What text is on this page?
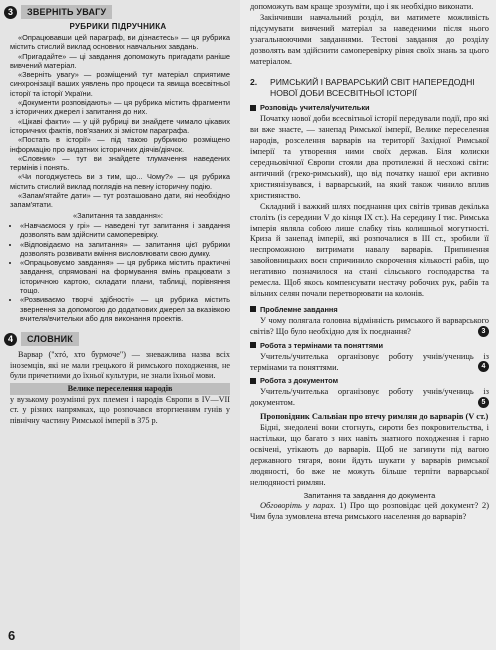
3	ЗВЕРНІТЬ УВАГУ
РУБРИКИ ПІДРУЧНИКА

«Опрацювавши цей параграф, ви дізнаєтесь» — ця рубрика містить стислий виклад основних навчальних завдань.

«Пригадайте» — ці завдання допоможуть пригадати раніше вивчений матеріал.

«Зверніть увагу» — розміщений тут матеріал сприятиме синхронізації ваших уявлень про процеси та явища всесвітньої історії та історії України.

«Документи розповідають» — ця рубрика містить фрагменти з історичних джерел і запитання до них.

«Цікаві факти» — у цій рубриці ви знайдете чимало цікавих історичних фактів, пов'язаних зі змістом параграфа.

«Постать в історії» — під такою рубрикою розміщено інформацію про видатних історичних діячів/діячок.

«Словник» — тут ви знайдете тлумачення наведених термінів і понять.

«Чи погоджуєтесь ви з тим, що... Чому?» — ця рубрика містить стислий виклад поглядів на певну історичну подію.

«Запам'ятайте дати» — тут розташовано дати, які необхідно запам'ятати.

«Запитання та завдання»:
• «Навчаємося у грі» — наведені тут запитання і завдання дозволять вам здійснити самоперевірку.
• «Відповідаємо на запитання» — запитання цієї рубрики дозволять розвивати вміння висловлювати свою думку.
• «Опрацьовуємо завдання» — ця рубрика містить практичні завдання, спрямовані на формування вмінь працювати з історичною картою, складати плани, таблиці, порівняння тощо.
• «Розвиваємо творчі здібності» — ця рубрика містить звернення за допомогою до додаткових джерел за вказівкою вчителя/вчительки або для виконання проектів.
4	СЛОВНИК

Варвар ("хтó, хто бурмоче") — зневажлива назва всіх іноземців, які не мали грецького й римського походження, не були причетними до їхньої культури, не знали їхньої мови.

Велике переселення народів

у вузькому розумінні рух племен і народів Європи в IV—VII ст. у різних напрямках, що розпочався вторгненням гунів у північну частину Римської імперії в 375 р.

6

допоможуть вам краще зрозуміти, що і як необхідно виконати.

Закінчивши навчальний розділ, ви матимете можливість підсумувати вивчений матеріал за наведеними після нього узагальнюючими завданнями. Тестові завдання до розділу дозволять вам здійснити самоперевірку рівня своїх знань за цього матеріалом.

2.	РИМСЬКИЙ І ВАРВАРСЬКИЙ СВІТ НАПЕРЕДОДНІ НОВОЇ ДОБИ ВСЕСВІТНЬОЇ ІСТОРІЇ
Розповідь учителя/учительки

Початку нової доби всесвітньої історії передували події, про які ви вже знаєте, — занепад Римської імперії, Велике переселення народів, розселення варварів на території Західної Римської імперії та утворення ними своїх держав. Біля колиски середньовічної Європи стояли два протилежні й несхожі світи: античний (греко-римський), що від початку нашої ери активно християнізувався, і варварський, на який також чинило вплив християнство.

Складний і важкий шлях поєднання цих світів тривав декілька століть (із середини V до кінця IX ст.). На середину I тис. Римська імперія являла собою лише слабку тінь колишньої могутності. Криза й занепад імперії, які розпочалися в III ст., зробили її неспроможною витримати навалу варварів. Припинення завойовницьких воєн спричинило скорочення кількості рабів, що негативно позначилося на стані сільського господарства та ремесла. Щоб якось компенсувати нестачу робочих рук, рабів та вільних селян почали перетворювати на колонів.

Проблемне завдання

У чому полягала головна відмінність римського й варварського світів? Що було необхідно для їх поєднання?	3
Робота з термінами та поняттями

Учитель/учителька організовує роботу учнів/учениць із термінами та поняттями.	4
Робота з документом

Учитель/учителька організовує роботу учнів/учениць із документом.	5

Проповідник Сальвіан про втечу римлян до варварів (V ст.)

Бідні, знедолені вони стогнуть, сироти без покровительства, і настільки, що багато з них навіть знатного походження і гарно освічені, утікають до варварів. Щоб не загинути під вагою державного тягаря, вони йдуть шукати у варварів римської людяності, бо вже не можуть більше терпіти варварської нелюдяності римлян.

Запитання та завдання до документа

Обговоріть у парах. 1) Про що розповідає цей документ? 2) Чим була зумовлена втеча римського населення до варварів?
